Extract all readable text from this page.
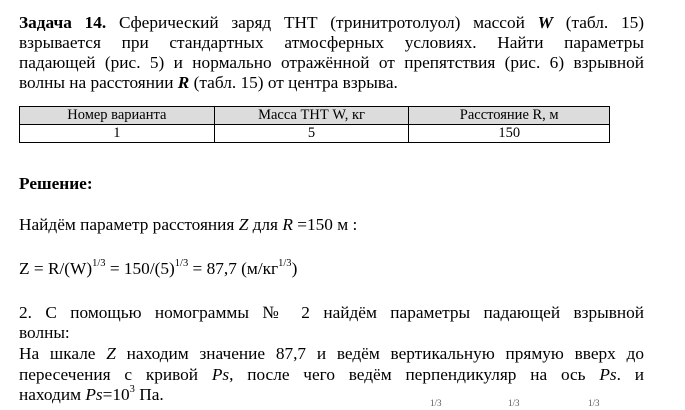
Задача 14. Сферический заряд ТНТ (тринитротолуол) массой W (табл. 15)
взрывается при стандартных атмосферных условиях. Найти параметры
падающей (рис. 5) и нормально отражённой от препятствия (рис. 6) взрывной
волны на расстоянии R (табл. 15) от центра взрыва.
Номер варианта	Масса ТНТ W, кг	Расстояние R, м
1	5	150
Решение:
Найдём параметр расстояния Z для R =150 м :
$Z = R/(W)^{1/3} = 150/(5)^{1/3} = 87,7$ $(м/кг^{1/3})$
2. С помощью номограммы № 2 найдём параметры падающей взрывной
волны:
На шкале Z находим значение 87,7 и ведём вертикальную прямую вверх до
пересечения с кривой Ps, после чего ведём перпендикуляр на ось Ps. и
находим $Ps=10^3$ Па.	1/3	1/3	1/3
